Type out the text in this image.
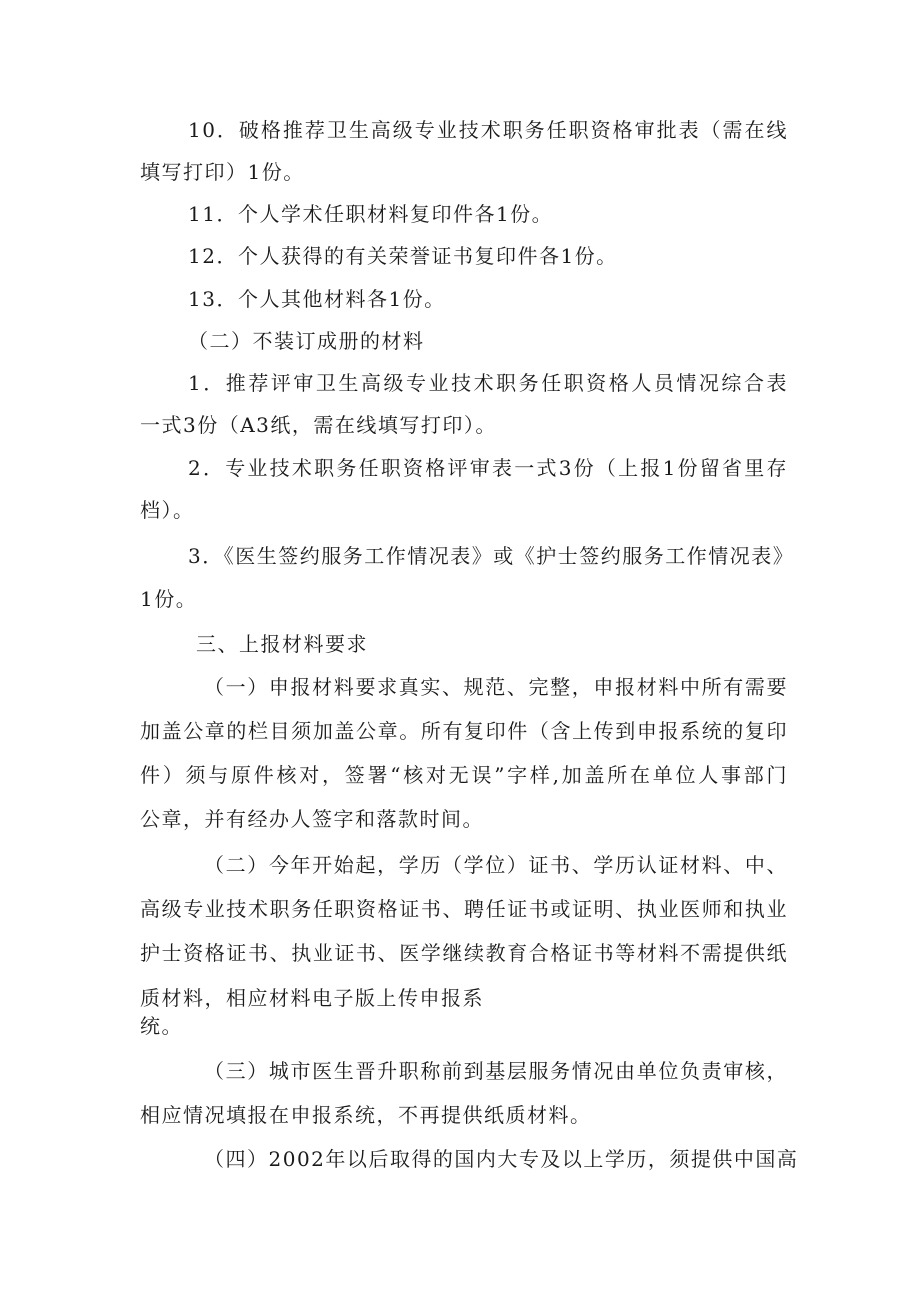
10．破格推荐卫生高级专业技术职务任职资格审批表（需在线
填写打印）1份。
11．个人学术任职材料复印件各1份。
12．个人获得的有关荣誉证书复印件各1份。
13．个人其他材料各1份。
（二）不装订成册的材料
1．推荐评审卫生高级专业技术职务任职资格人员情况综合表
一式3份（A3纸，需在线填写打印）。
2．专业技术职务任职资格评审表一式3份（上报1份留省里存
档）。
3．《医生签约服务工作情况表》或《护士签约服务工作情况表》
1份。
三、上报材料要求
（一）申报材料要求真实、规范、完整，申报材料中所有需要
加盖公章的栏目须加盖公章。所有复印件（含上传到申报系统的复印
件）须与原件核对，签署“核对无误”字样,加盖所在单位人事部门
公章，并有经办人签字和落款时间。
（二）今年开始起，学历（学位）证书、学历认证材料、中、
高级专业技术职务任职资格证书、聘任证书或证明、执业医师和执业
护士资格证书、执业证书、医学继续教育合格证书等材料不需提供纸
质材料，相应材料电子版上传申报系
统。
（三）城市医生晋升职称前到基层服务情况由单位负责审核，
相应情况填报在申报系统，不再提供纸质材料。
（四）2002年以后取得的国内大专及以上学历，须提供中国高
